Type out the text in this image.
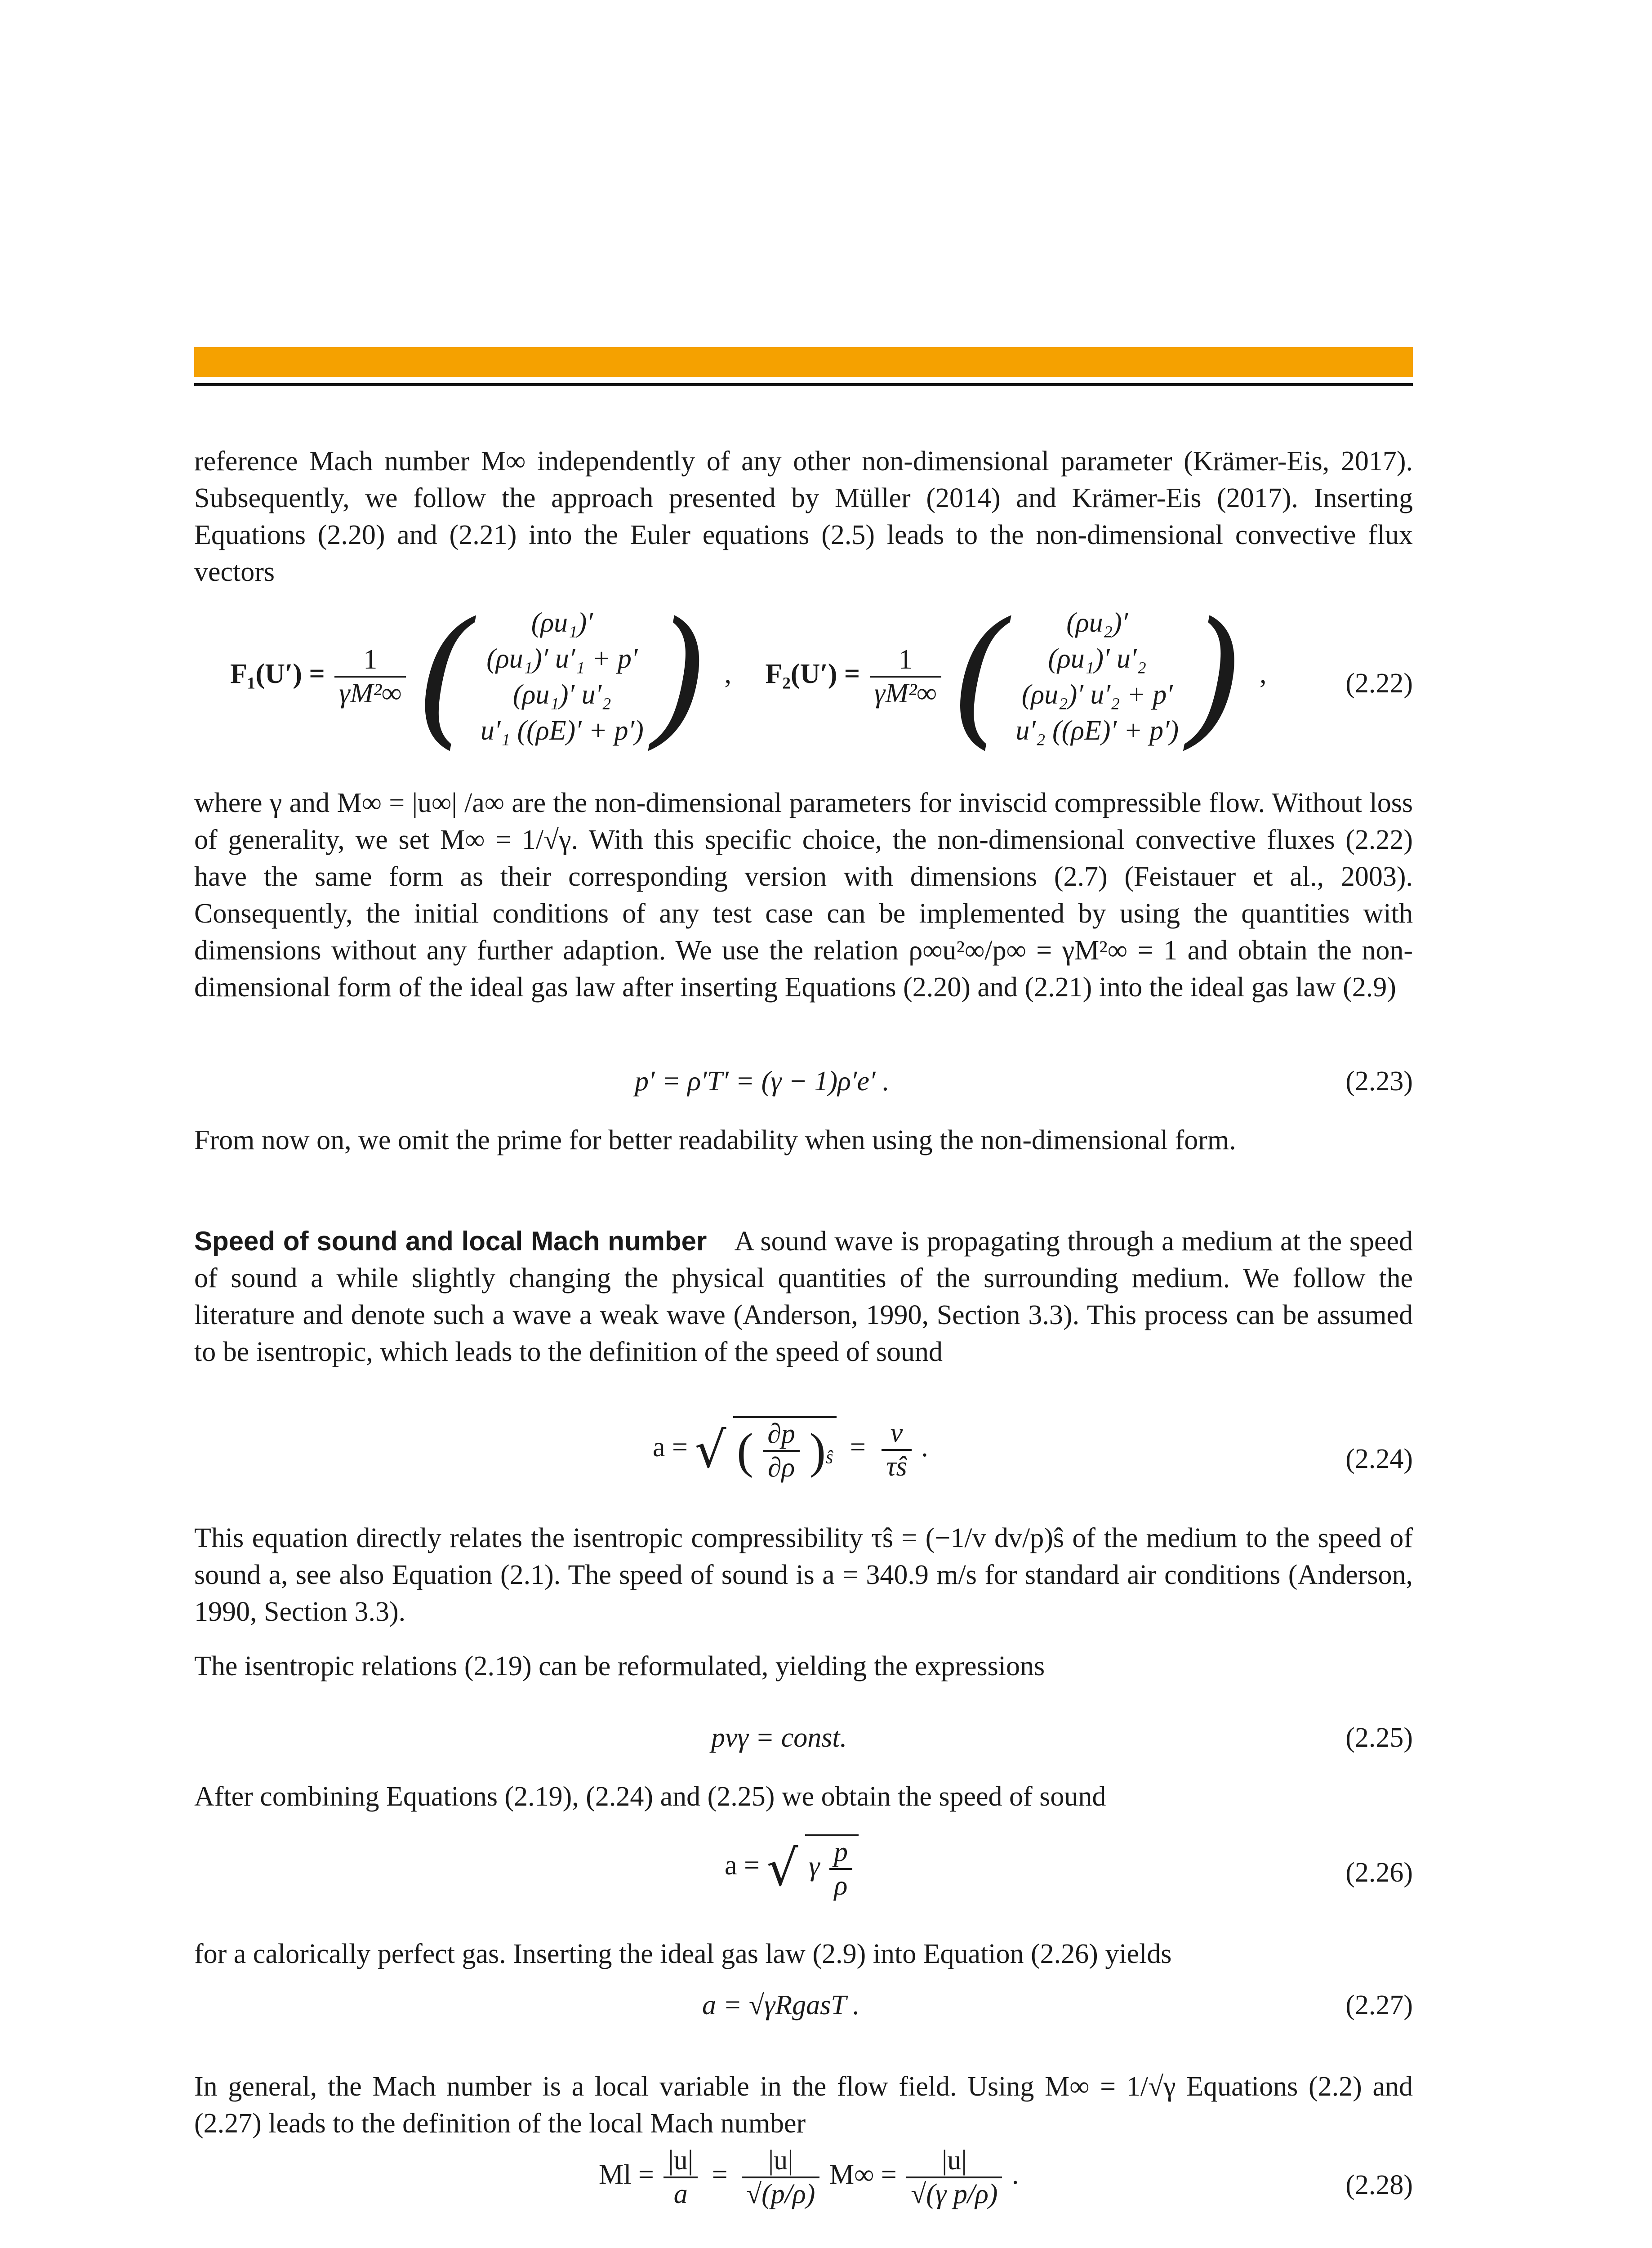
reference Mach number M∞ independently of any other non-dimensional parameter (Krämer-Eis, 2017). Subsequently, we follow the approach presented by Müller (2014) and Krämer-Eis (2017). Inserting Equations (2.20) and (2.21) into the Euler equations (2.5) leads to the non-dimensional convective flux vectors
$F_1(U') = \frac{1}{\text{γM²∞}}$ (	(ρu₁)′
(ρu₁)′ u′₁ + p′
(ρu₁)′ u′₂
u′₁ ((ρE)′ + p′) ) , $F_2(U') = \frac{1}{\text{γM²∞}}$ (	(ρu₂)′
(ρu₁)′ u′₂
(ρu₂)′ u′₂ + p′
u′₂ ((ρE)′ + p′) ) ,	(2.22)
where γ and M∞ = |u∞| /a∞ are the non-dimensional parameters for inviscid compressible flow. Without loss of generality, we set M∞ = 1/√γ. With this specific choice, the non-dimensional convective fluxes (2.22) have the same form as their corresponding version with dimensions (2.7) (Feistauer et al., 2003). Consequently, the initial conditions of any test case can be implemented by using the quantities with dimensions without any further adaption. We use the relation ρ∞u²∞/p∞ = γM²∞ = 1 and obtain the non-dimensional form of the ideal gas law after inserting Equations (2.20) and (2.21) into the ideal gas law (2.9)
p′ = ρ′T′ = (γ − 1)ρ′e′ .	(2.23)
From now on, we omit the prime for better readability when using the non-dimensional form.
Speed of sound and local Mach number A sound wave is propagating through a medium at the speed of sound a while slightly changing the physical quantities of the surrounding medium. We follow the literature and denote such a wave a weak wave (Anderson, 1990, Section 3.3). This process can be assumed to be isentropic, which leads to the definition of the speed of sound
a = √ ( $\frac{\partial p}{\partial\rho} )_ŝ = \frac{v}{\tau ŝ}$ .	(2.24)
This equation directly relates the isentropic compressibility τŝ = (−1/v dv/p)ŝ of the medium to the speed of sound a, see also Equation (2.1). The speed of sound is a = 340.9 m/s for standard air conditions (Anderson, 1990, Section 3.3).
The isentropic relations (2.19) can be reformulated, yielding the expressions
pvγ = const.	(2.25)
After combining Equations (2.19), (2.24) and (2.25) we obtain the speed of sound
a = √ γ $\frac{p}{\rho}$	(2.26)
for a calorically perfect gas. Inserting the ideal gas law (2.9) into Equation (2.26) yields
a = √γRgasT .	(2.27)
In general, the Mach number is a local variable in the flow field. Using M∞ = 1/√γ Equations (2.2) and (2.27) leads to the definition of the local Mach number
$Ml = \frac{|u|}{a} = \frac{|u|}{√(p/\rho)} M\infty = \frac{|u|}{\text{√(γ p/ρ)}}$ .	(2.28)
